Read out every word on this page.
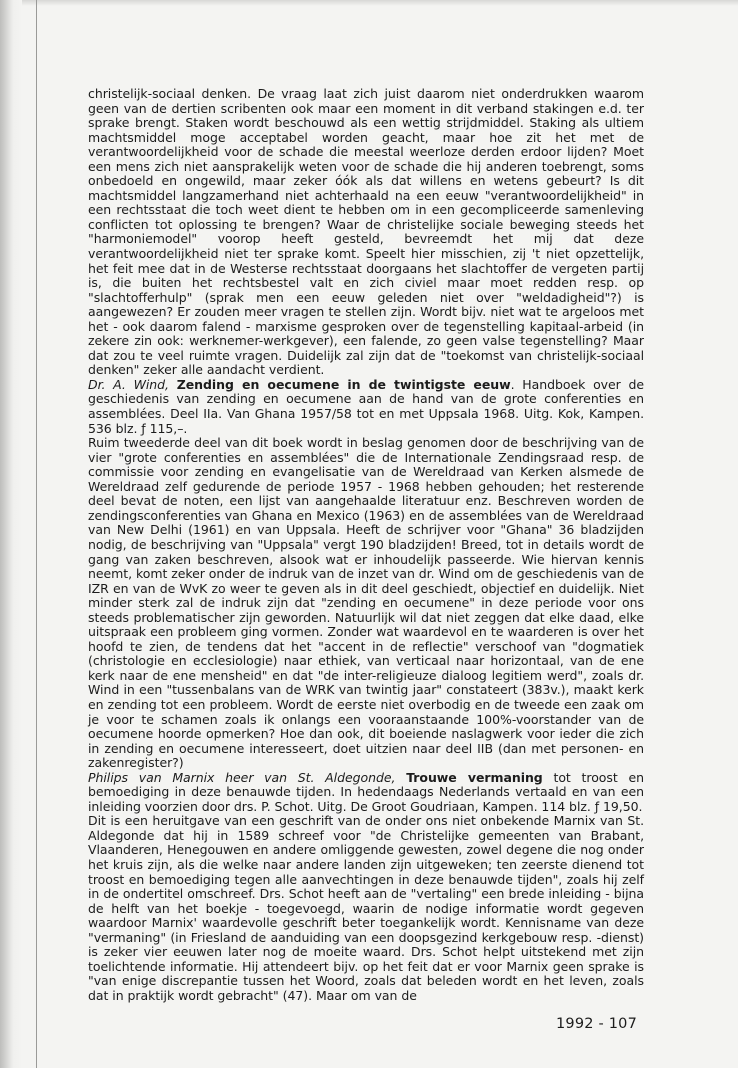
christelijk-sociaal denken. De vraag laat zich juist daarom niet onderdrukken waarom geen van de dertien scribenten ook maar een moment in dit verband stakingen e.d. ter sprake brengt. Staken wordt beschouwd als een wettig strijdmiddel. Staking als ultiem machtsmiddel moge acceptabel worden geacht, maar hoe zit het met de verantwoordelijkheid voor de schade die meestal weerloze derden erdoor lijden? Moet een mens zich niet aansprakelijk weten voor de schade die hij anderen toebrengt, soms onbedoeld en ongewild, maar zeker óók als dat willens en wetens gebeurt? Is dit machtsmiddel langzamerhand niet achterhaald na een eeuw "verantwoordelijkheid" in een rechtsstaat die toch weet dient te hebben om in een gecompliceerde samenleving conflicten tot oplossing te brengen? Waar de christelijke sociale beweging steeds het "harmoniemodel" voorop heeft gesteld, bevreemdt het mij dat deze verantwoordelijkheid niet ter sprake komt. Speelt hier misschien, zij 't niet opzettelijk, het feit mee dat in de Westerse rechtsstaat doorgaans het slachtoffer de vergeten partij is, die buiten het rechtsbestel valt en zich civiel maar moet redden resp. op "slachtofferhulp" (sprak men een eeuw geleden niet over "weldadigheid"?) is aangewezen? Er zouden meer vragen te stellen zijn. Wordt bijv. niet wat te argeloos met het - ook daarom falend - marxisme gesproken over de tegenstelling kapitaal-arbeid (in zekere zin ook: werknemer-werkgever), een falende, zo geen valse tegenstelling? Maar dat zou te veel ruimte vragen. Duidelijk zal zijn dat de "toekomst van christelijk-sociaal denken" zeker alle aandacht verdient.

Dr. A. Wind, Zending en oecumene in de twintigste eeuw. Handboek over de geschiedenis van zending en oecumene aan de hand van de grote conferenties en assemblées. Deel IIa. Van Ghana 1957/58 tot en met Uppsala 1968. Uitg. Kok, Kampen. 536 blz. ƒ 115,–.

Ruim tweederde deel van dit boek wordt in beslag genomen door de beschrijving van de vier "grote conferenties en assemblées" die de Internationale Zendingsraad resp. de commissie voor zending en evangelisatie van de Wereldraad van Kerken alsmede de Wereldraad zelf gedurende de periode 1957 - 1968 hebben gehouden; het resterende deel bevat de noten, een lijst van aangehaalde literatuur enz. Beschreven worden de zendingsconferenties van Ghana en Mexico (1963) en de assemblées van de Wereldraad van New Delhi (1961) en van Uppsala. Heeft de schrijver voor "Ghana" 36 bladzijden nodig, de beschrijving van "Uppsala" vergt 190 bladzijden! Breed, tot in details wordt de gang van zaken beschreven, alsook wat er inhoudelijk passeerde. Wie hiervan kennis neemt, komt zeker onder de indruk van de inzet van dr. Wind om de geschiedenis van de IZR en van de WvK zo weer te geven als in dit deel geschiedt, objectief en duidelijk. Niet minder sterk zal de indruk zijn dat "zending en oecumene" in deze periode voor ons steeds problematischer zijn geworden. Natuurlijk wil dat niet zeggen dat elke daad, elke uitspraak een probleem ging vormen. Zonder wat waardevol en te waarderen is over het hoofd te zien, de tendens dat het "accent in de reflectie" verschoof van "dogmatiek (christologie en ecclesiologie) naar ethiek, van verticaal naar horizontaal, van de ene kerk naar de ene mensheid" en dat "de inter-religieuze dialoog legitiem werd", zoals dr. Wind in een "tussenbalans van de WRK van twintig jaar" constateert (383v.), maakt kerk en zending tot een probleem. Wordt de eerste niet overbodig en de tweede een zaak om je voor te schamen zoals ik onlangs een vooraanstaande 100%-voorstander van de oecumene hoorde opmerken? Hoe dan ook, dit boeiende naslagwerk voor ieder die zich in zending en oecumene interesseert, doet uitzien naar deel IIB (dan met personen- en zakenregister?)

Philips van Marnix heer van St. Aldegonde, Trouwe vermaning tot troost en bemoediging in deze benauwde tijden. In hedendaags Nederlands vertaald en van een inleiding voorzien door drs. P. Schot. Uitg. De Groot Goudriaan, Kampen. 114 blz. ƒ 19,50.

Dit is een heruitgave van een geschrift van de onder ons niet onbekende Marnix van St. Aldegonde dat hij in 1589 schreef voor "de Christelijke gemeenten van Brabant, Vlaanderen, Henegouwen en andere omliggende gewesten, zowel degene die nog onder het kruis zijn, als die welke naar andere landen zijn uitgeweken; ten zeerste dienend tot troost en bemoediging tegen alle aanvechtingen in deze benauwde tijden", zoals hij zelf in de ondertitel omschreef. Drs. Schot heeft aan de "vertaling" een brede inleiding - bijna de helft van het boekje - toegevoegd, waarin de nodige informatie wordt gegeven waardoor Marnix' waardevolle geschrift beter toegankelijk wordt. Kennisname van deze "vermaning" (in Friesland de aanduiding van een doopsgezind kerkgebouw resp. -dienst) is zeker vier eeuwen later nog de moeite waard. Drs. Schot helpt uitstekend met zijn toelichtende informatie. Hij attendeert bijv. op het feit dat er voor Marnix geen sprake is "van enige discrepantie tussen het Woord, zoals dat beleden wordt en het leven, zoals dat in praktijk wordt gebracht" (47). Maar om van de

1992 - 107
